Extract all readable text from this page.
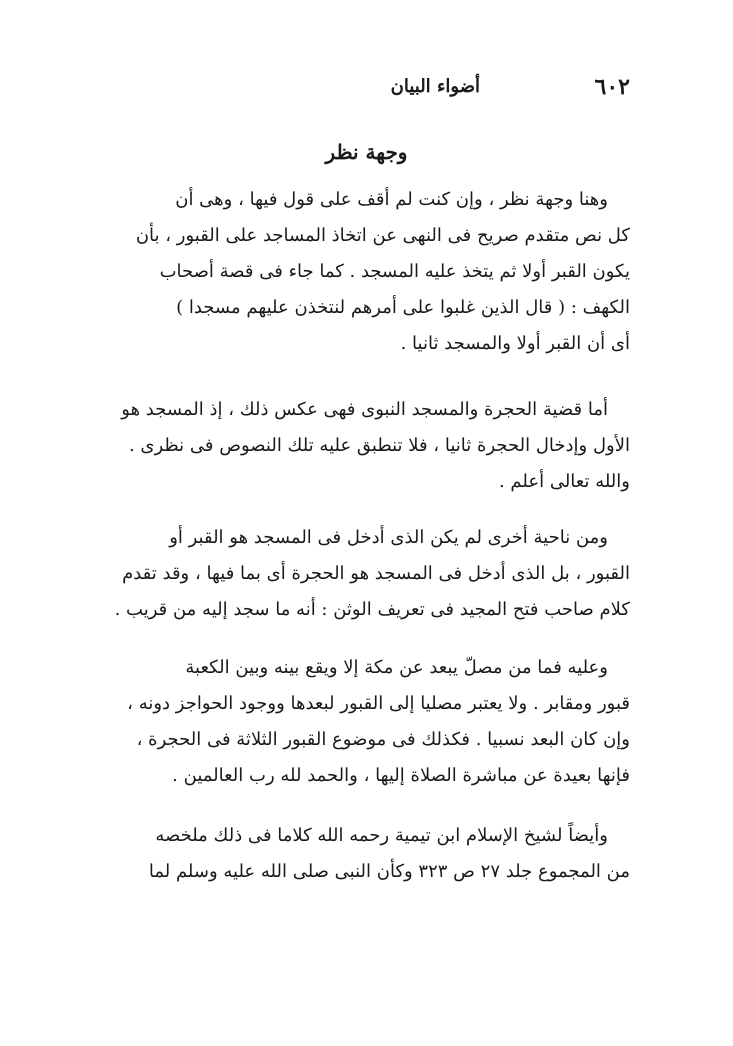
٦٠٢
أضواء البيان
وجهة نظر

وهنا وجهة نظر ، وإن كنت لم أقف على قول فيها ، وهى أن
كل نص متقدم صريح فى النهى عن اتخاذ المساجد على القبور ، بأن
يكون القبر أولا ثم يتخذ عليه المسجد . كما جاء فى قصة أصحاب
الكهف : ( قال الذين غلبوا على أمرهم لنتخذن عليهم مسجدا )
أى أن القبر أولا والمسجد ثانيا .

أما قضية الحجرة والمسجد النبوى فهى عكس ذلك ، إذ المسجد هو
الأول وإدخال الحجرة ثانيا ، فلا تنطبق عليه تلك النصوص فى نظرى .
والله تعالى أعلم .

ومن ناحية أخرى لم يكن الذى أدخل فى المسجد هو القبر أو
القبور ، بل الذى أدخل فى المسجد هو الحجرة أى بما فيها ، وقد تقدم
كلام صاحب فتح المجيد فى تعريف الوثن : أنه ما سجد إليه من قريب .

وعليه فما من مصلّ يبعد عن مكة إلا ويقع بينه وبين الكعبة
قبور ومقابر . ولا يعتبر مصليا إلى القبور لبعدها ووجود الحواجز دونه ،
وإن كان البعد نسبيا . فكذلك فى موضوع القبور الثلاثة فى الحجرة ،
فإنها بعيدة عن مباشرة الصلاة إليها ، والحمد لله رب العالمين .

وأيضاً لشيخ الإسلام ابن تيمية رحمه الله كلاما فى ذلك ملخصه
من المجموع جلد ٢٧ ص ٣٢٣ وكأن النبى صلى الله عليه وسلم لما
